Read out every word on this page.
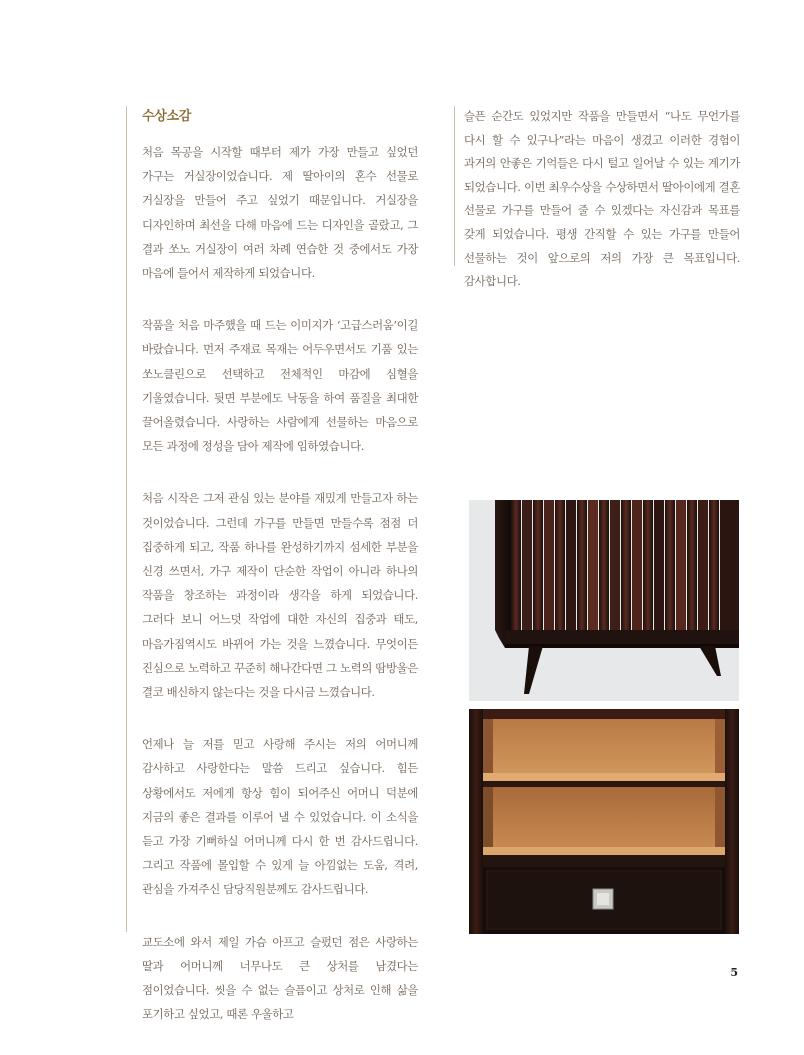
수상소감

처음 목공을 시작할 때부터 제가 가장 만들고 싶었던 가구는 거실장이었습니다. 제 딸아이의 혼수 선물로 거실장을 만들어 주고 싶었기 때문입니다. 거실장을 디자인하며 최선을 다해 마음에 드는 디자인을 골랐고, 그 결과 쏘노 거실장이 여러 차례 연습한 것 중에서도 가장 마음에 들어서 제작하게 되었습니다.

작품을 처음 마주했을 때 드는 이미지가 ‘고급스러움’이길 바랐습니다. 먼저 주재료 목재는 어두우면서도 기품 있는 쏘노클린으로 선택하고 전체적인 마감에 심혈을 기울였습니다. 뒷면 부분에도 낙동을 하여 품질을 최대한 끌어올렸습니다. 사랑하는 사람에게 선물하는 마음으로 모든 과정에 정성을 담아 제작에 임하였습니다.

처음 시작은 그저 관심 있는 분야를 재밌게 만들고자 하는 것이었습니다. 그런데 가구를 만들면 만들수록 점점 더 집중하게 되고, 작품 하나를 완성하기까지 섬세한 부분을 신경 쓰면서, 가구 제작이 단순한 작업이 아니라 하나의 작품을 창조하는 과정이라 생각을 하게 되었습니다. 그러다 보니 어느덧 작업에 대한 자신의 집중과 태도, 마음가짐역시도 바뀌어 가는 것을 느꼈습니다. 무엇이든 진심으로 노력하고 꾸준히 해나간다면 그 노력의 땀방울은 결코 배신하지 않는다는 것을 다시금 느꼈습니다.

언제나 늘 저를 믿고 사랑해 주시는 저의 어머니께 감사하고 사랑한다는 말씀 드리고 싶습니다. 힘든 상황에서도 저에게 항상 힘이 되어주신 어머니 덕분에 지금의 좋은 결과를 이루어 낼 수 있었습니다. 이 소식을 듣고 가장 기뻐하실 어머니께 다시 한 번 감사드립니다. 그리고 작품에 몰입할 수 있게 늘 아낌없는 도움, 격려, 관심을 가져주신 담당직원분께도 감사드립니다.

교도소에 와서 제일 가슴 아프고 슬펐던 점은 사랑하는 딸과 어머니께 너무나도 큰 상처를 남겼다는 점이었습니다. 씻을 수 없는 슬픔이고 상처로 인해 삶을 포기하고 싶었고, 때론 우울하고

슬픈 순간도 있었지만 작품을 만들면서 “나도 무언가를 다시 할 수 있구나”라는 마음이 생겼고 이러한 경험이 과거의 안좋은 기억들은 다시 털고 일어날 수 있는 계기가 되었습니다. 이번 최우수상을 수상하면서 딸아이에게 결혼 선물로 가구를 만들어 줄 수 있겠다는 자신감과 목표를 갖게 되었습니다. 평생 간직할 수 있는 가구를 만들어 선물하는 것이 앞으로의 저의 가장 큰 목표입니다. 감사합니다.

5
